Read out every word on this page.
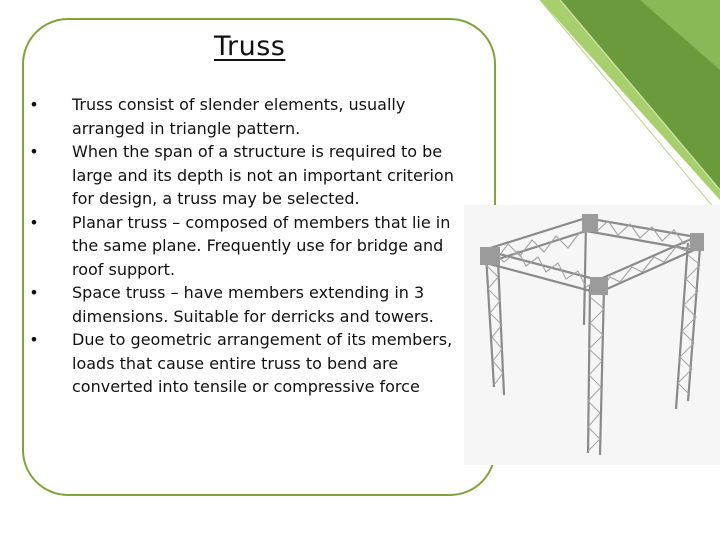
Truss
• Truss consist of slender elements, usually arranged in triangle pattern.
• When the span of a structure is required to be large and its depth is not an important criterion for design, a truss may be selected.
• Planar truss – composed of members that lie in the same plane. Frequently use for bridge and roof support.
• Space truss – have members extending in 3 dimensions. Suitable for derricks and towers.
• Due to geometric arrangement of its members, loads that cause entire truss to bend are converted into tensile or compressive force
